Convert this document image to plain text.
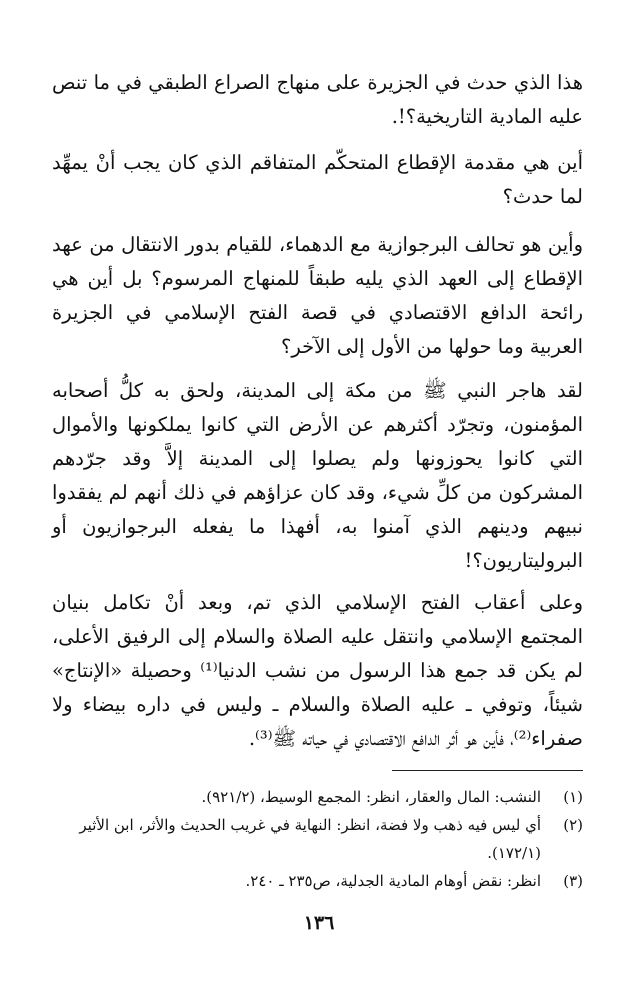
هذا الذي حدث في الجزيرة على منهاج الصراع الطبقي في ما تنص عليه المادية التاريخية؟!.

أين هي مقدمة الإقطاع المتحكّم المتفاقم الذي كان يجب أنْ يمهِّد لما حدث؟

وأين هو تحالف البرجوازية مع الدهماء، للقيام بدور الانتقال من عهد الإقطاع إلى العهد الذي يليه طبقاً للمنهاج المرسوم؟ بل أين هي رائحة الدافع الاقتصادي في قصة الفتح الإسلامي في الجزيرة العربية وما حولها من الأول إلى الآخر؟

لقد هاجر النبي ﷺ من مكة إلى المدينة، ولحق به كلُّ أصحابه المؤمنون، وتجرّد أكثرهم عن الأرض التي كانوا يملكونها والأموال التي كانوا يحوزونها ولم يصلوا إلى المدينة إلاَّ وقد جرّدهم المشركون من كلِّ شيء، وقد كان عزاؤهم في ذلك أنهم لم يفقدوا نبيهم ودينهم الذي آمنوا به، أفهذا ما يفعله البرجوازيون أو البروليتاريون؟!

وعلى أعقاب الفتح الإسلامي الذي تم، وبعد أنْ تكامل بنيان المجتمع الإسلامي وانتقل عليه الصلاة والسلام إلى الرفيق الأعلى، لم يكن قد جمع هذا الرسول من نشب الدنيا⁽¹⁾ وحصيلة «الإنتاج» شيئاً، وتوفي ـ عليه الصلاة والسلام ـ وليس في داره بيضاء ولا صفراء⁽²⁾، فأين هو أثر الدافع الاقتصادي في حياته ﷺ⁽³⁾.

(١)
النشب: المال والعقار، انظر: المجمع الوسيط، (٩٢١/٢).
(٢)
أي ليس فيه ذهب ولا فضة، انظر: النهاية في غريب الحديث والأثر، ابن الأثير (١٧٢/١).
(٣)
انظر: نقض أوهام المادية الجدلية، ص٢٣٥ ـ ٢٤٠.
١٣٦
